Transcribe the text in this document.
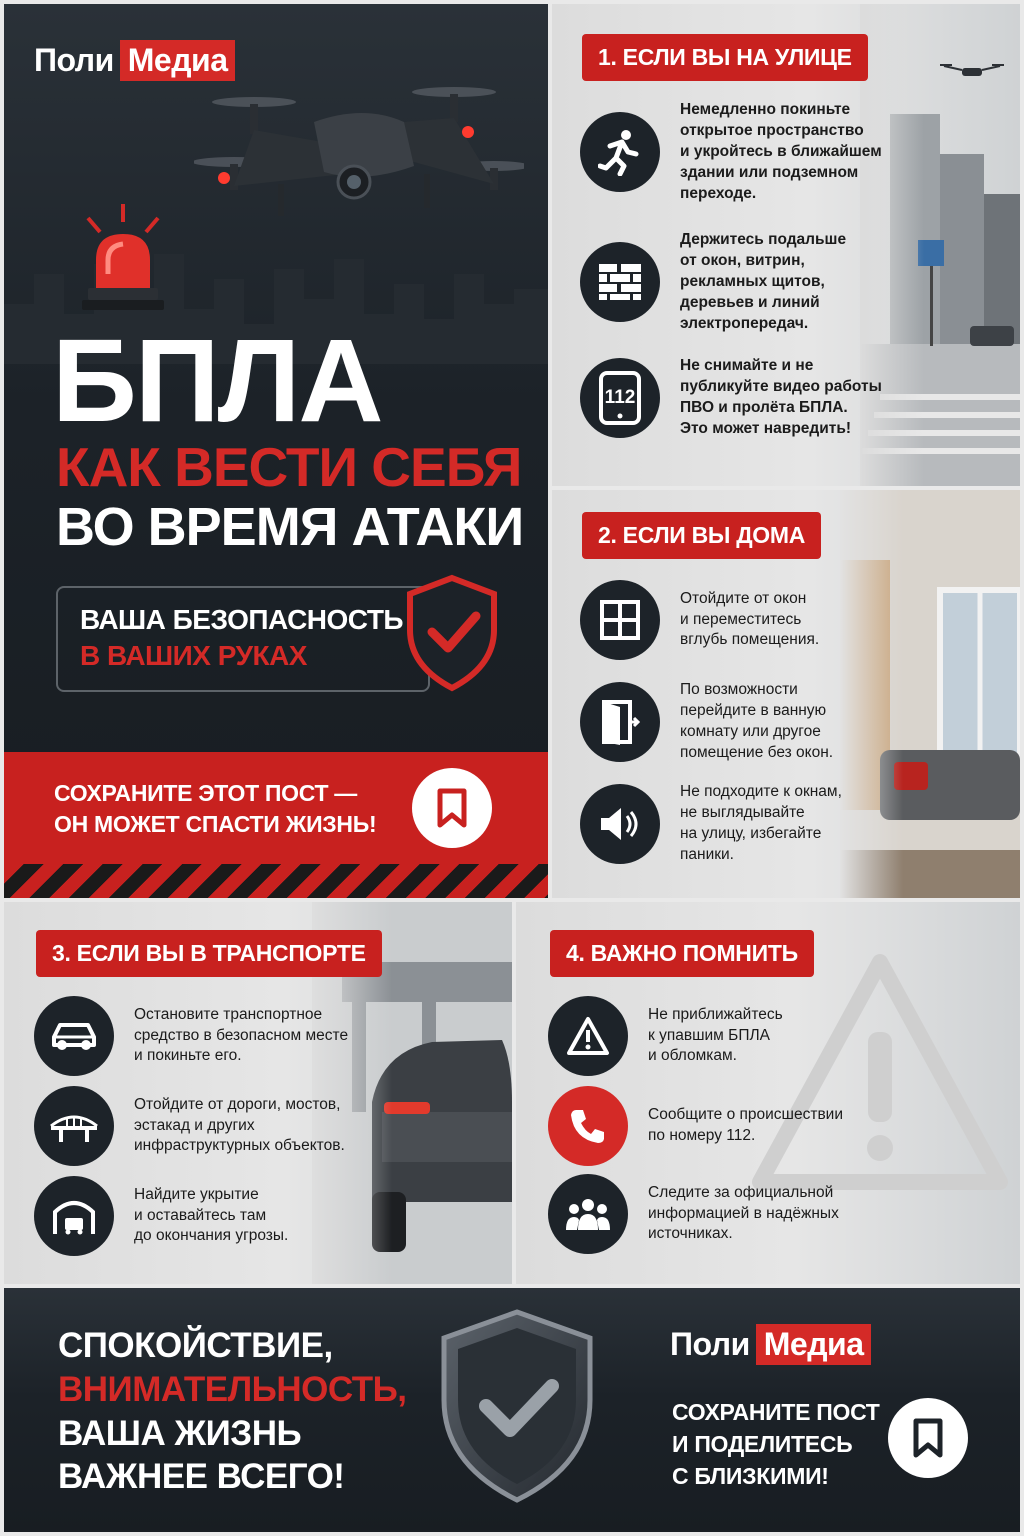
Поли Медиа
БПЛА
КАК ВЕСТИ СЕБЯ
ВО ВРЕМЯ АТАКИ
ВАША БЕЗОПАСНОСТЬ
В ВАШИХ РУКАХ
СОХРАНИТЕ ЭТОТ ПОСТ —
ОН МОЖЕТ СПАСТИ ЖИЗНЬ!
1. ЕСЛИ ВЫ НА УЛИЦЕ
Немедленно покиньте
открытое пространство
и укройтесь в ближайшем
здании или подземном
переходе.
Держитесь подальше
от окон, витрин,
рекламных щитов,
деревьев и линий
электропередач.
112
Не снимайте и не
публикуйте видео работы
ПВО и пролёта БПЛА.
Это может навредить!
2. ЕСЛИ ВЫ ДОМА
Отойдите от окон
и переместитесь
вглубь помещения.
По возможности
перейдите в ванную
комнату или другое
помещение без окон.
Не подходите к окнам,
не выглядывайте
на улицу, избегайте
паники.
3. ЕСЛИ ВЫ В ТРАНСПОРТЕ
Остановите транспортное
средство в безопасном месте
и покиньте его.
Отойдите от дороги, мостов,
эстакад и других
инфраструктурных объектов.
Найдите укрытие
и оставайтесь там
до окончания угрозы.
4. ВАЖНО ПОМНИТЬ
Не приближайтесь
к упавшим БПЛА
и обломкам.
Сообщите о происшествии
по номеру 112.
Следите за официальной
информацией в надёжных
источниках.
СПОКОЙСТВИЕ,
ВНИМАТЕЛЬНОСТЬ,
ВАША ЖИЗНЬ
ВАЖНЕЕ ВСЕГО!
Поли Медиа
СОХРАНИТЕ ПОСТ
И ПОДЕЛИТЕСЬ
С БЛИЗКИМИ!
